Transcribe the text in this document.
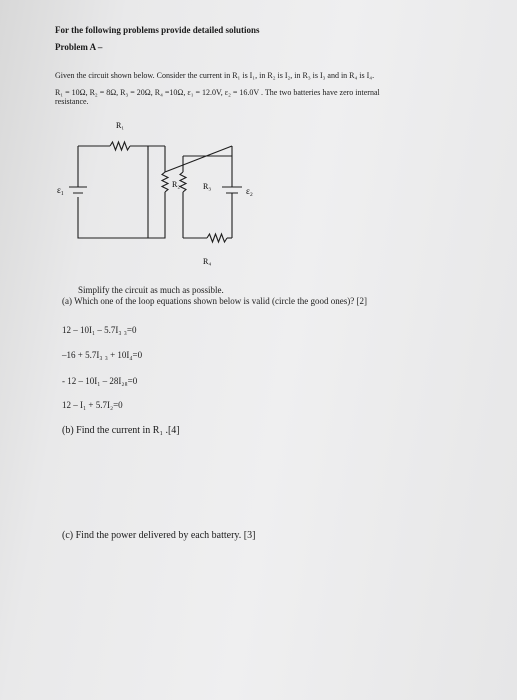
For the following problems provide detailed solutions
Problem A –
Given the circuit shown below. Consider the current in R₁ is I₁, in R₂ is I₂, in R₃ is I₃ and in R₄ is I₄.
R₁ = 10Ω, R₂ = 8Ω, R₃ = 20Ω, R₄ =10Ω, ε₁ = 12.0V, ε₂ = 16.0V . The two batteries have zero internal
resistance.
R₁
R₂	R₃
R₄
ε₁	ε₂
Simplify the circuit as much as possible.
(a) Which one of the loop equations shown below is valid (circle the good ones)? [2]
12 – 10I₁ – 5.7I₃ ₃=0
–16 + 5.7I₃ ₃ + 10I₄=0
- 12 – 10I₁ – 28I₂₈=0
12 – I₁ + 5.7I₂=0
(b) Find the current in R₁ .[4]
(c) Find the power delivered by each battery. [3]
